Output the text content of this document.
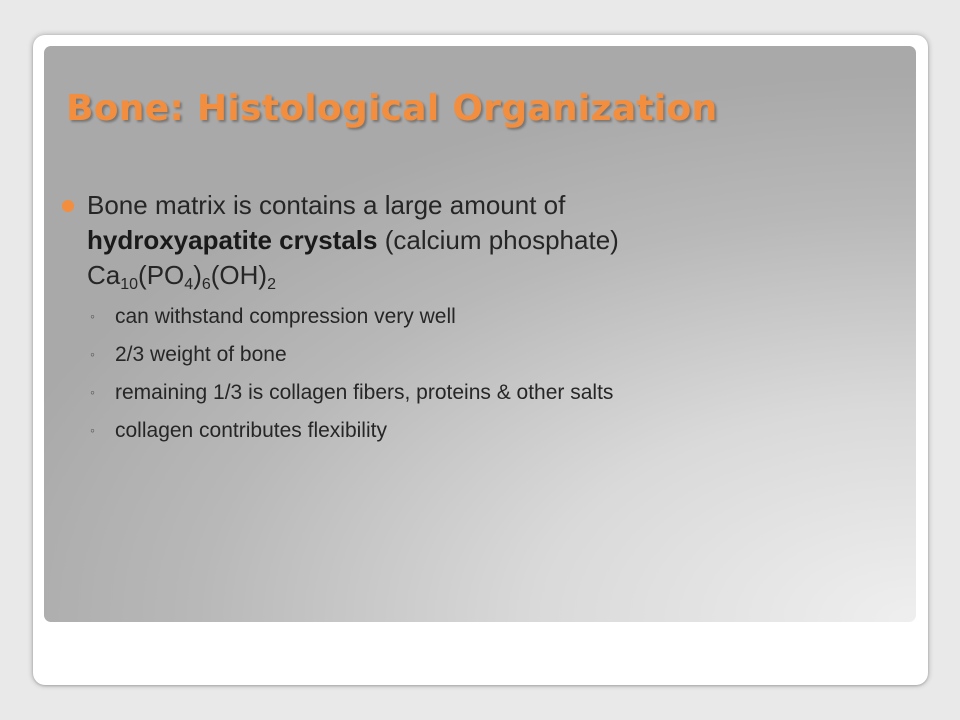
Bone: Histological Organization
Bone matrix is contains a large amount of
hydroxyapatite crystals (calcium phosphate)
$Ca_{10}(PO_4)_6(OH)_2$
◦ can withstand compression very well
◦ 2/3 weight of bone
◦ remaining 1/3 is collagen fibers, proteins & other salts
◦ collagen contributes flexibility
